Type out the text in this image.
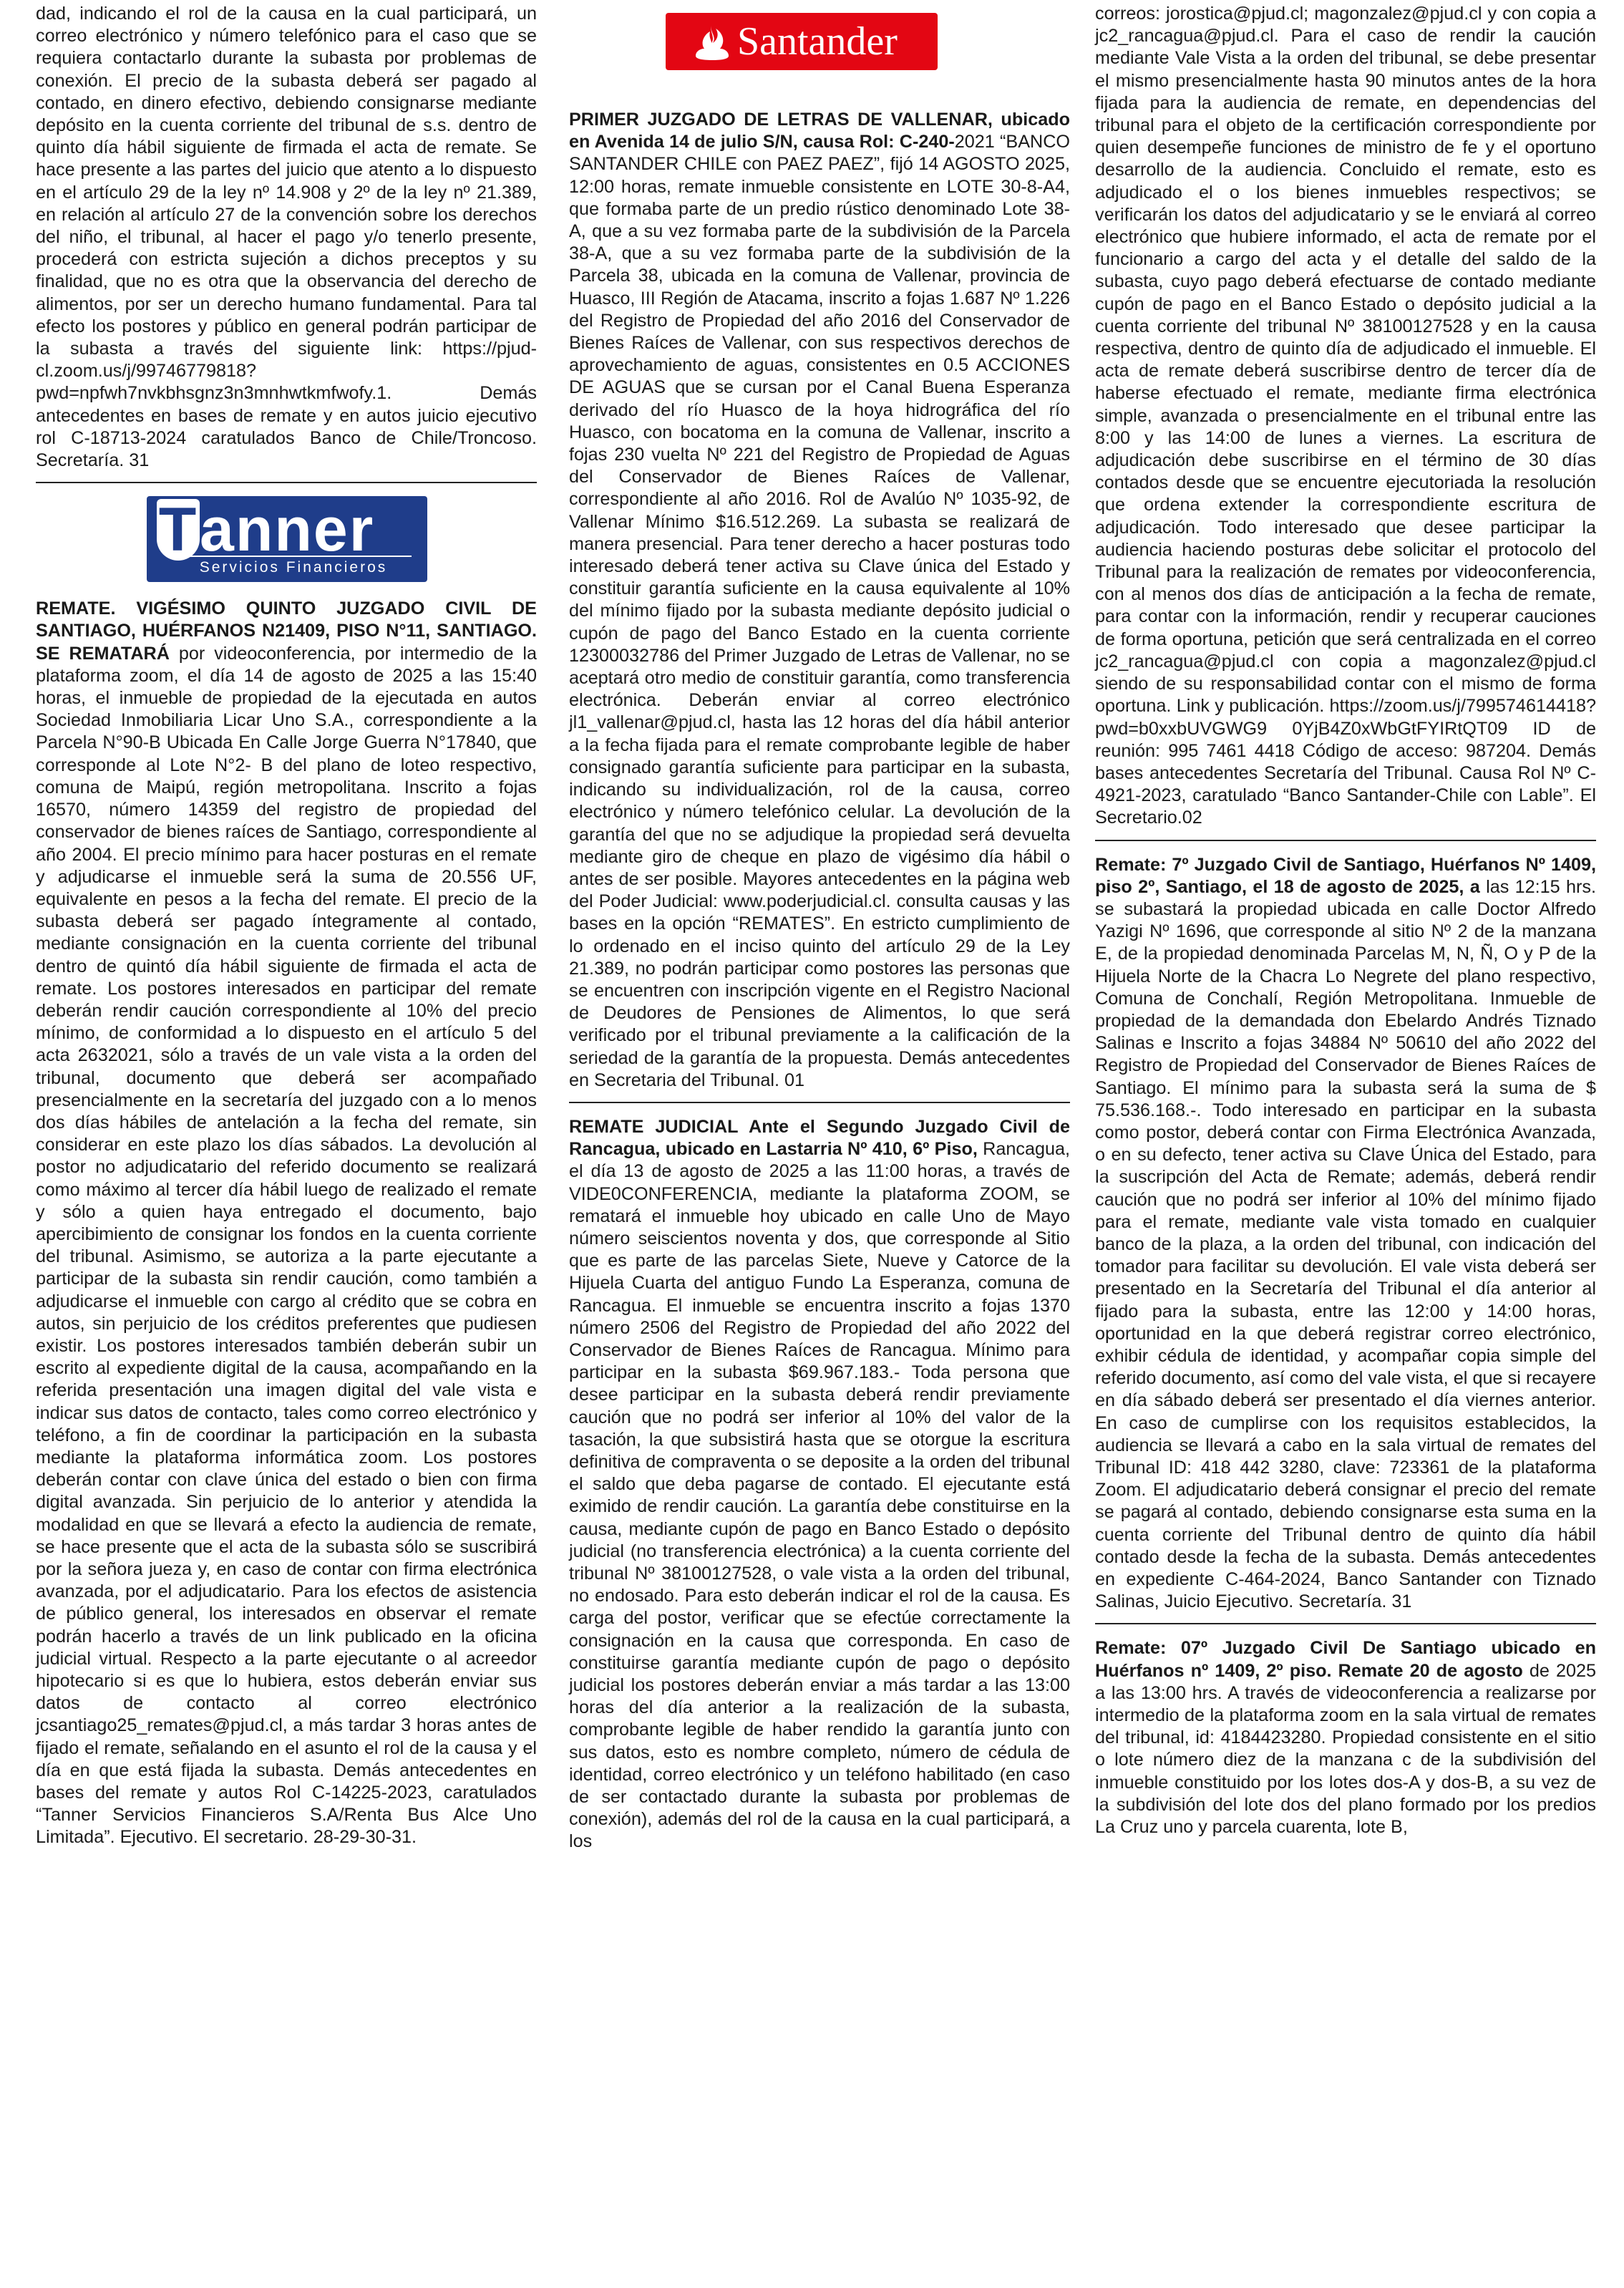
dad, indicando el rol de la causa en la cual participará, un correo electrónico y número telefónico para el caso que se requiera contactarlo durante la subasta por problemas de conexión. El precio de la subasta deberá ser pagado al contado, en dinero efectivo, debiendo consignarse mediante depósito en la cuenta corriente del tribunal de s.s. dentro de quinto día hábil siguiente de firmada el acta de remate. Se hace presente a las partes del juicio que atento a lo dispuesto en el artículo 29 de la ley nº 14.908 y 2º de la ley nº 21.389, en relación al artículo 27 de la convención sobre los derechos del niño, el tribunal, al hacer el pago y/o tenerlo presente, procederá con estricta sujeción a dichos preceptos y su finalidad, que no es otra que la observancia del derecho de alimentos, por ser un derecho humano fundamental. Para tal efecto los postores y público en general podrán participar de la subasta a través del siguiente link: https://pjud-cl.zoom.us/j/99746779818?pwd=npfwh7nvkbhsgnz3n3mnhwtkmfwofy.1. Demás antecedentes en bases de remate y en autos juicio ejecutivo rol C-18713-2024 caratulados Banco de Chile/Troncoso. Secretaría. 31

Tanner
Servicios Financieros

REMATE. VIGÉSIMO QUINTO JUZGADO CIVIL DE SANTIAGO, HUÉRFANOS N21409, PISO N°11, SANTIAGO. SE REMATARÁ por videoconferencia, por intermedio de la plataforma zoom, el día 14 de agosto de 2025 a las 15:40 horas, el inmueble de propiedad de la ejecutada en autos Sociedad Inmobiliaria Licar Uno S.A., correspondiente a la Parcela N°90-B Ubicada En Calle Jorge Guerra N°17840, que corresponde al Lote N°2- B del plano de loteo respectivo, comuna de Maipú, región metropolitana. Inscrito a fojas 16570, número 14359 del registro de propiedad del conservador de bienes raíces de Santiago, correspondiente al año 2004. El precio mínimo para hacer posturas en el remate y adjudicarse el inmueble será la suma de 20.556 UF, equivalente en pesos a la fecha del remate. El precio de la subasta deberá ser pagado íntegramente al contado, mediante consignación en la cuenta corriente del tribunal dentro de quintó día hábil siguiente de firmada el acta de remate. Los postores interesados en participar del remate deberán rendir caución correspondiente al 10% del precio mínimo, de conformidad a lo dispuesto en el artículo 5 del acta 2632021, sólo a través de un vale vista a la orden del tribunal, documento que deberá ser acompañado presencialmente en la secretaría del juzgado con a lo menos dos días hábiles de antelación a la fecha del remate, sin considerar en este plazo los días sábados. La devolución al postor no adjudicatario del referido documento se realizará como máximo al tercer día hábil luego de realizado el remate y sólo a quien haya entregado el documento, bajo apercibimiento de consignar los fondos en la cuenta corriente del tribunal. Asimismo, se autoriza a la parte ejecutante a participar de la subasta sin rendir caución, como también a adjudicarse el inmueble con cargo al crédito que se cobra en autos, sin perjuicio de los créditos preferentes que pudiesen existir. Los postores interesados también deberán subir un escrito al expediente digital de la causa, acompañando en la referida presentación una imagen digital del vale vista e indicar sus datos de contacto, tales como correo electrónico y teléfono, a fin de coordinar la participación en la subasta mediante la plataforma informática zoom. Los postores deberán contar con clave única del estado o bien con firma digital avanzada. Sin perjuicio de lo anterior y atendida la modalidad en que se llevará a efecto la audiencia de remate, se hace presente que el acta de la subasta sólo se suscribirá por la señora jueza y, en caso de contar con firma electrónica avanzada, por el adjudicatario. Para los efectos de asistencia de público general, los interesados en observar el remate podrán hacerlo a través de un link publicado en la oficina judicial virtual. Respecto a la parte ejecutante o al acreedor hipotecario si es que lo hubiera, estos deberán enviar sus datos de contacto al correo electrónico jcsantiago25_remates@pjud.cl, a más tardar 3 horas antes de fijado el remate, señalando en el asunto el rol de la causa y el día en que está fijada la subasta. Demás antecedentes en bases del remate y autos Rol C-14225-2023, caratulados “Tanner Servicios Financieros S.A/Renta Bus Alce Uno Limitada”. Ejecutivo. El secretario. 28-29-30-31.

Santander

PRIMER JUZGADO DE LETRAS DE VALLENAR, ubicado en Avenida 14 de julio S/N, causa Rol: C-240-2021 “BANCO SANTANDER CHILE con PAEZ PAEZ”, fijó 14 AGOSTO 2025, 12:00 horas, remate inmueble consistente en LOTE 30-8-A4, que formaba parte de un predio rústico denominado Lote 38-A, que a su vez formaba parte de la subdivisión de la Parcela 38-A, que a su vez formaba parte de la subdivisión de la Parcela 38, ubicada en la comuna de Vallenar, provincia de Huasco, III Región de Atacama, inscrito a fojas 1.687 Nº 1.226 del Registro de Propiedad del año 2016 del Conservador de Bienes Raíces de Vallenar, con sus respectivos derechos de aprovechamiento de aguas, consistentes en 0.5 ACCIONES DE AGUAS que se cursan por el Canal Buena Esperanza derivado del río Huasco de la hoya hidrográfica del río Huasco, con bocatoma en la comuna de Vallenar, inscrito a fojas 230 vuelta Nº 221 del Registro de Propiedad de Aguas del Conservador de Bienes Raíces de Vallenar, correspondiente al año 2016. Rol de Avalúo Nº 1035-92, de Vallenar Mínimo $16.512.269. La subasta se realizará de manera presencial. Para tener derecho a hacer posturas todo interesado deberá tener activa su Clave única del Estado y constituir garantía suficiente en la causa equivalente al 10% del mínimo fijado por la subasta mediante depósito judicial o cupón de pago del Banco Estado en la cuenta corriente 12300032786 del Primer Juzgado de Letras de Vallenar, no se aceptará otro medio de constituir garantía, como transferencia electrónica. Deberán enviar al correo electrónico jl1_vallenar@pjud.cl, hasta las 12 horas del día hábil anterior a la fecha fijada para el remate comprobante legible de haber consignado garantía suficiente para participar en la subasta, indicando su individualización, rol de la causa, correo electrónico y número telefónico celular. La devolución de la garantía del que no se adjudique la propiedad será devuelta mediante giro de cheque en plazo de vigésimo día hábil o antes de ser posible. Mayores antecedentes en la página web del Poder Judicial: www.poderjudicial.cl. consulta causas y las bases en la opción “REMATES”. En estricto cumplimiento de lo ordenado en el inciso quinto del artículo 29 de la Ley 21.389, no podrán participar como postores las personas que se encuentren con inscripción vigente en el Registro Nacional de Deudores de Pensiones de Alimentos, lo que será verificado por el tribunal previamente a la calificación de la seriedad de la garantía de la propuesta. Demás antecedentes en Secretaria del Tribunal. 01

REMATE JUDICIAL Ante el Segundo Juzgado Civil de Rancagua, ubicado en Lastarria Nº 410, 6º Piso, Rancagua, el día 13 de agosto de 2025 a las 11:00 horas, a través de VIDE0CONFERENCIA, mediante la plataforma ZOOM, se rematará el inmueble hoy ubicado en calle Uno de Mayo número seiscientos noventa y dos, que corresponde al Sitio que es parte de las parcelas Siete, Nueve y Catorce de la Hijuela Cuarta del antiguo Fundo La Esperanza, comuna de Rancagua. El inmueble se encuentra inscrito a fojas 1370 número 2506 del Registro de Propiedad del año 2022 del Conservador de Bienes Raíces de Rancagua. Mínimo para participar en la subasta $69.967.183.- Toda persona que desee participar en la subasta deberá rendir previamente caución que no podrá ser inferior al 10% del valor de la tasación, la que subsistirá hasta que se otorgue la escritura definitiva de compraventa o se deposite a la orden del tribunal el saldo que deba pagarse de contado. El ejecutante está eximido de rendir caución. La garantía debe constituirse en la causa, mediante cupón de pago en Banco Estado o depósito judicial (no transferencia electrónica) a la cuenta corriente del tribunal Nº 38100127528, o vale vista a la orden del tribunal, no endosado. Para esto deberán indicar el rol de la causa. Es carga del postor, verificar que se efectúe correctamente la consignación en la causa que corresponda. En caso de constituirse garantía mediante cupón de pago o depósito judicial los postores deberán enviar a más tardar a las 13:00 horas del día anterior a la realización de la subasta, comprobante legible de haber rendido la garantía junto con sus datos, esto es nombre completo, número de cédula de identidad, correo electrónico y un teléfono habilitado (en caso de ser contactado durante la subasta por problemas de conexión), además del rol de la causa en la cual participará, a los

correos: jorostica@pjud.cl; magonzalez@pjud.cl y con copia a jc2_rancagua@pjud.cl. Para el caso de rendir la caución mediante Vale Vista a la orden del tribunal, se debe presentar el mismo presencialmente hasta 90 minutos antes de la hora fijada para la audiencia de remate, en dependencias del tribunal para el objeto de la certificación correspondiente por quien desempeñe funciones de ministro de fe y el oportuno desarrollo de la audiencia. Concluido el remate, esto es adjudicado el o los bienes inmuebles respectivos; se verificarán los datos del adjudicatario y se le enviará al correo electrónico que hubiere informado, el acta de remate por el funcionario a cargo del acta y el detalle del saldo de la subasta, cuyo pago deberá efectuarse de contado mediante cupón de pago en el Banco Estado o depósito judicial a la cuenta corriente del tribunal Nº 38100127528 y en la causa respectiva, dentro de quinto día de adjudicado el inmueble. El acta de remate deberá suscribirse dentro de tercer día de haberse efectuado el remate, mediante firma electrónica simple, avanzada o presencialmente en el tribunal entre las 8:00 y las 14:00 de lunes a viernes. La escritura de adjudicación debe suscribirse en el término de 30 días contados desde que se encuentre ejecutoriada la resolución que ordena extender la correspondiente escritura de adjudicación. Todo interesado que desee participar la audiencia haciendo posturas debe solicitar el protocolo del Tribunal para la realización de remates por videoconferencia, con al menos dos días de anticipación a la fecha de remate, para contar con la información, rendir y recuperar cauciones de forma oportuna, petición que será centralizada en el correo jc2_rancagua@pjud.cl con copia a magonzalez@pjud.cl siendo de su responsabilidad contar con el mismo de forma oportuna. Link y publicación. https://zoom.us/j/799574614418?pwd=b0xxbUVGWG9 0YjB4Z0xWbGtFYIRtQT09 ID de reunión: 995 7461 4418 Código de acceso: 987204. Demás bases antecedentes Secretaría del Tribunal. Causa Rol Nº C-4921-2023, caratulado “Banco Santander-Chile con Lable”. El Secretario.02

Remate: 7º Juzgado Civil de Santiago, Huérfanos Nº 1409, piso 2º, Santiago, el 18 de agosto de 2025, a las 12:15 hrs. se subastará la propiedad ubicada en calle Doctor Alfredo Yazigi Nº 1696, que corresponde al sitio Nº 2 de la manzana E, de la propiedad denominada Parcelas M, N, Ñ, O y P de la Hijuela Norte de la Chacra Lo Negrete del plano respectivo, Comuna de Conchalí, Región Metropolitana. Inmueble de propiedad de la demandada don Ebelardo Andrés Tiznado Salinas e Inscrito a fojas 34884 Nº 50610 del año 2022 del Registro de Propiedad del Conservador de Bienes Raíces de Santiago. El mínimo para la subasta será la suma de $ 75.536.168.-. Todo interesado en participar en la subasta como postor, deberá contar con Firma Electrónica Avanzada, o en su defecto, tener activa su Clave Única del Estado, para la suscripción del Acta de Remate; además, deberá rendir caución que no podrá ser inferior al 10% del mínimo fijado para el remate, mediante vale vista tomado en cualquier banco de la plaza, a la orden del tribunal, con indicación del tomador para facilitar su devolución. El vale vista deberá ser presentado en la Secretaría del Tribunal el día anterior al fijado para la subasta, entre las 12:00 y 14:00 horas, oportunidad en la que deberá registrar correo electrónico, exhibir cédula de identidad, y acompañar copia simple del referido documento, así como del vale vista, el que si recayere en día sábado deberá ser presentado el día viernes anterior. En caso de cumplirse con los requisitos establecidos, la audiencia se llevará a cabo en la sala virtual de remates del Tribunal ID: 418 442 3280, clave: 723361 de la plataforma Zoom. El adjudicatario deberá consignar el precio del remate se pagará al contado, debiendo consignarse esta suma en la cuenta corriente del Tribunal dentro de quinto día hábil contado desde la fecha de la subasta. Demás antecedentes en expediente C-464-2024, Banco Santander con Tiznado Salinas, Juicio Ejecutivo. Secretaría. 31

Remate: 07º Juzgado Civil De Santiago ubicado en Huérfanos nº 1409, 2º piso. Remate 20 de agosto de 2025 a las 13:00 hrs. A través de videoconferencia a realizarse por intermedio de la plataforma zoom en la sala virtual de remates del tribunal, id: 4184423280. Propiedad consistente en el sitio o lote número diez de la manzana c de la subdivisión del inmueble constituido por los lotes dos-A y dos-B, a su vez de la subdivisión del lote dos del plano formado por los predios La Cruz uno y parcela cuarenta, lote B,
